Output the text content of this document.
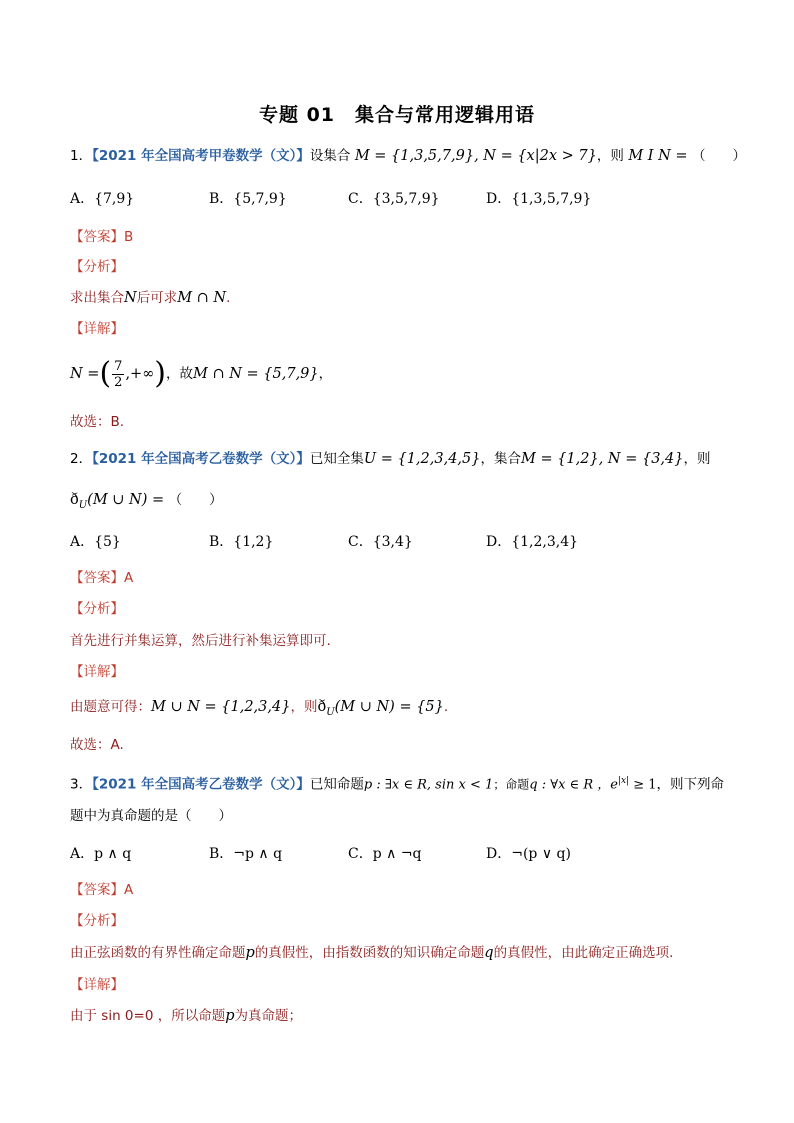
专题 01　集合与常用逻辑用语
1．【2021 年全国高考甲卷数学（文）】设集合 M = {1,3,5,7,9}, N = {x|2x > 7}，则 M I N = （　　）
A．{7,9}	B．{5,7,9}	C．{3,5,7,9}	D．{1,3,5,7,9}
【答案】B
【分析】
求出集合N后可求M ∩ N.
【详解】
N =( $\frac{7}{2}$ ,+∞)，故M ∩ N = {5,7,9}，
故选：B.
2．【2021 年全国高考乙卷数学（文）】已知全集U = {1,2,3,4,5}，集合M = {1,2}, N = {3,4}，则
$ð_U(M$ ∪ N) = （　　）
A．{5}	B．{1,2}	C．{3,4}	D．{1,2,3,4}
【答案】A
【分析】
首先进行并集运算，然后进行补集运算即可.
【详解】
由题意可得：M ∪ N = {1,2,3,4}，则$ð_U(M$ ∪ N) = {5}.
故选：A.
3．【2021 年全国高考乙卷数学（文）】已知命题p : ∃x ∈ R, sin x < 1；命题q : ∀x ∈ R ，$e^{|x|} \ge 1$，则下列命
题中为真命题的是（　　）
A．p ∧ q	B．¬p ∧ q	C．p ∧ ¬q	D．¬(p ∨ q)
【答案】A
【分析】
由正弦函数的有界性确定命题p的真假性，由指数函数的知识确定命题q的真假性，由此确定正确选项.
【详解】
由于 sin 0=0 ，所以命题p为真命题；
